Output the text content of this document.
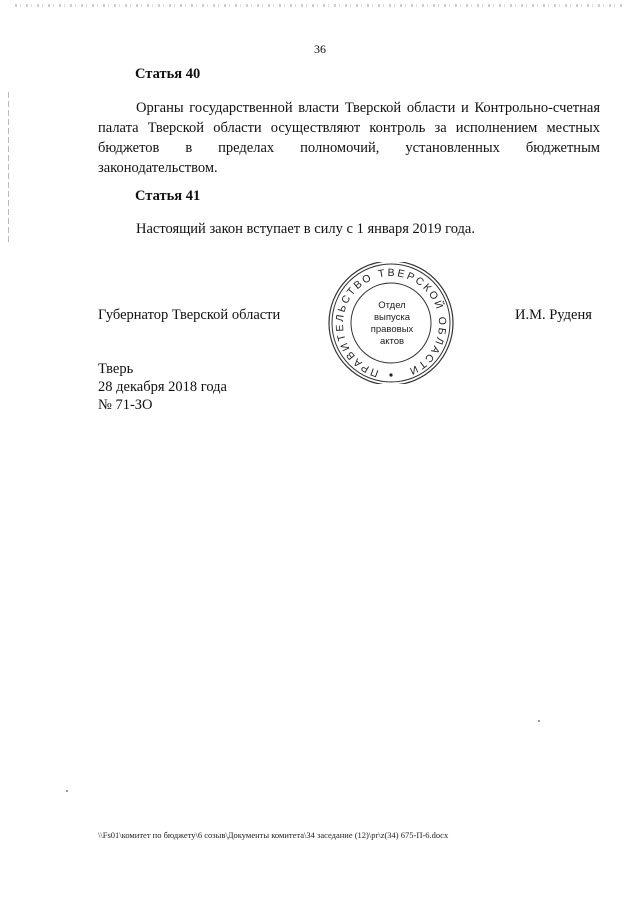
36
Статья 40

Органы государственной власти Тверской области и Контрольно-счетная палата Тверской области осуществляют контроль за исполнением местных бюджетов в пределах полномочий, установленных бюджетным законодательством.

Статья 41

Настоящий закон вступает в силу с 1 января 2019 года.

Губернатор Тверской области	И.М. Руденя
ПРАВИТЕЛЬСТВО ТВЕРСКОЙ ОБЛАСТИ
Отдел
выпуска
правовых
актов
Тверь
28 декабря 2018 года
№ 71-ЗО
\\Fs01\комитет по бюджету\6 созыв\Документы комитета\34 заседание (12)\pr\z(34) 675-П-6.docx
